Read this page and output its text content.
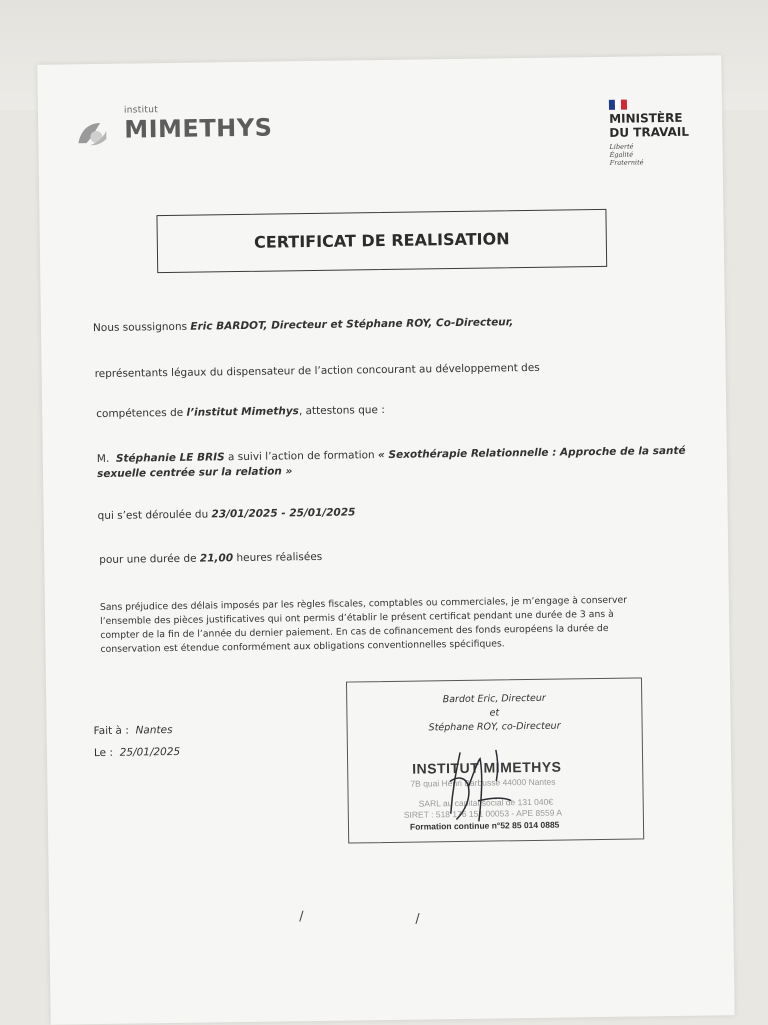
institut
MIMETHYS	MINISTÈRE
DU TRAVAIL
Liberté
Égalité
Fraternité
CERTIFICAT DE REALISATION
Nous soussignons Eric BARDOT, Directeur et Stéphane ROY, Co-Directeur,
représentants légaux du dispensateur de l’action concourant au développement des
compétences de l’institut Mimethys, attestons que :
M. Stéphanie LE BRIS a suivi l’action de formation « Sexothérapie Relationnelle : Approche de la santé
sexuelle centrée sur la relation »
qui s’est déroulée du 23/01/2025 - 25/01/2025
pour une durée de 21,00 heures réalisées
Sans préjudice des délais imposés par les règles fiscales, comptables ou commerciales, je m’engage à conserver
l’ensemble des pièces justificatives qui ont permis d’établir le présent certificat pendant une durée de 3 ans à
compter de la fin de l’année du dernier paiement. En cas de cofinancement des fonds européens la durée de
conservation est étendue conformément aux obligations conventionnelles spécifiques.
Fait à : Nantes
Le : 25/01/2025
Bardot Eric, Directeur
et
Stéphane ROY, co-Directeur
INSTITUT MIMETHYS
7B quai Henri Barbusse 44000 Nantes
SARL au capital social de 131 040€
SIRET : 518 176 151 00053 - APE 8559 A
Formation continue n°52 85 014 0885
/	/
